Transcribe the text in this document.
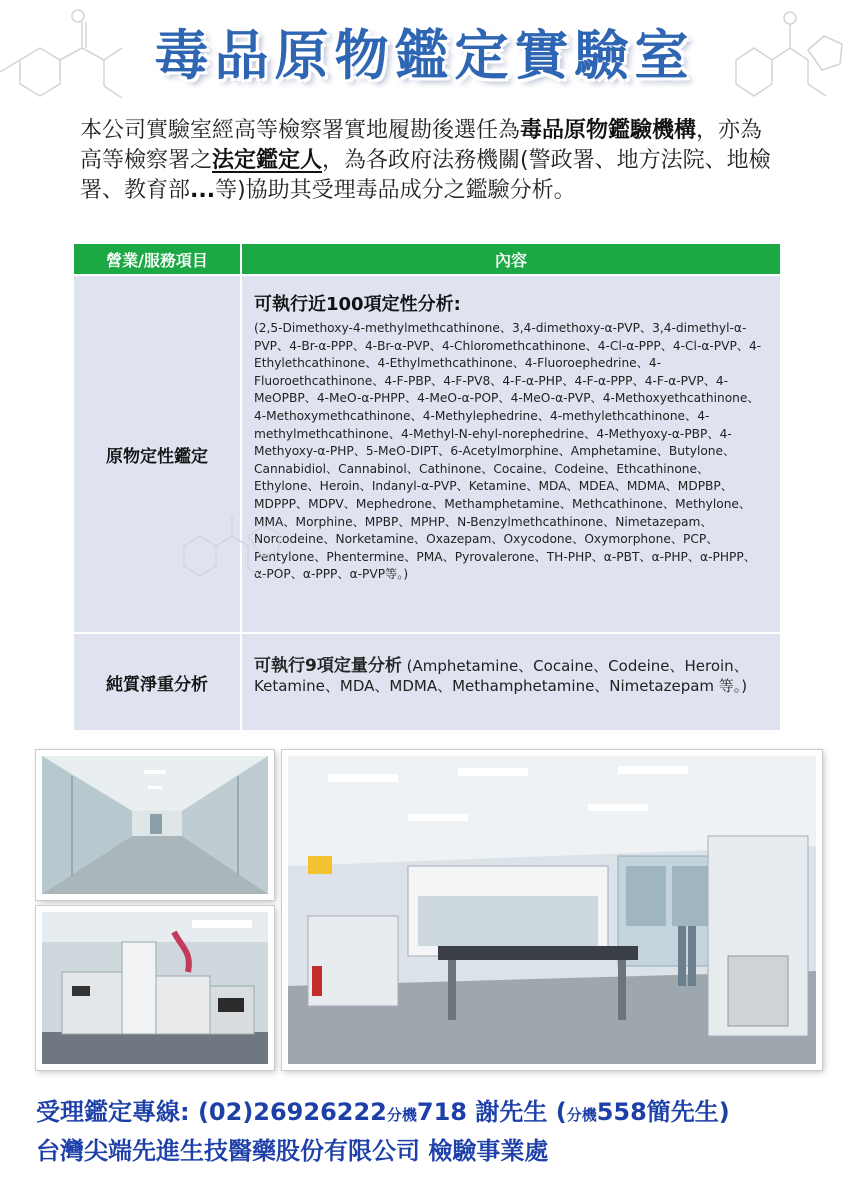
毒品原物鑑定實驗室
本公司實驗室經高等檢察署實地履勘後選任為毒品原物鑑驗機構，亦為高等檢察署之法定鑑定人，為各政府法務機關(警政署、地方法院、地檢署、教育部...等)協助其受理毒品成分之鑑驗分析。
營業/服務項目	內容
原物定性鑑定
可執行近100項定性分析:
(2,5-Dimethoxy-4-methylmethcathinone、3,4-dimethoxy-α-PVP、3,4-dimethyl-α-PVP、4-Br-α-PPP、4-Br-α-PVP、4-Chloromethcathinone、4-Cl-α-PPP、4-Cl-α-PVP、4-Ethylethcathinone、4-Ethylmethcathinone、4-Fluoroephedrine、4-Fluoroethcathinone、4-F-PBP、4-F-PV8、4-F-α-PHP、4-F-α-PPP、4-F-α-PVP、4-MeOPBP、4-MeO-α-PHPP、4-MeO-α-POP、4-MeO-α-PVP、4-Methoxyethcathinone、4-Methoxymethcathinone、4-Methylephedrine、4-methylethcathinone、4-methylmethcathinone、4-Methyl-N-ehyl-norephedrine、4-Methyoxy-α-PBP、4-Methyoxy-α-PHP、5-MeO-DIPT、6-Acetylmorphine、Amphetamine、Butylone、Cannabidiol、Cannabinol、Cathinone、Cocaine、Codeine、Ethcathinone、Ethylone、Heroin、Indanyl-α-PVP、Ketamine、MDA、MDEA、MDMA、MDPBP、MDPPP、MDPV、Mephedrone、Methamphetamine、Methcathinone、Methylone、MMA、Morphine、MPBP、MPHP、N-Benzylmethcathinone、Nimetazepam、Norcodeine、Norketamine、Oxazepam、Oxycodone、Oxymorphone、PCP、Pentylone、Phentermine、PMA、Pyrovalerone、TH-PHP、α-PBT、α-PHP、α-PHPP、α-POP、α-PPP、α-PVP等。)
純質淨重分析
可執行9項定量分析 (Amphetamine、Cocaine、Codeine、Heroin、Ketamine、MDA、MDMA、Methamphetamine、Nimetazepam 等。)
受理鑑定專線: (02)26926222分機718 謝先生 (分機558簡先生)
台灣尖端先進生技醫藥股份有限公司 檢驗事業處
